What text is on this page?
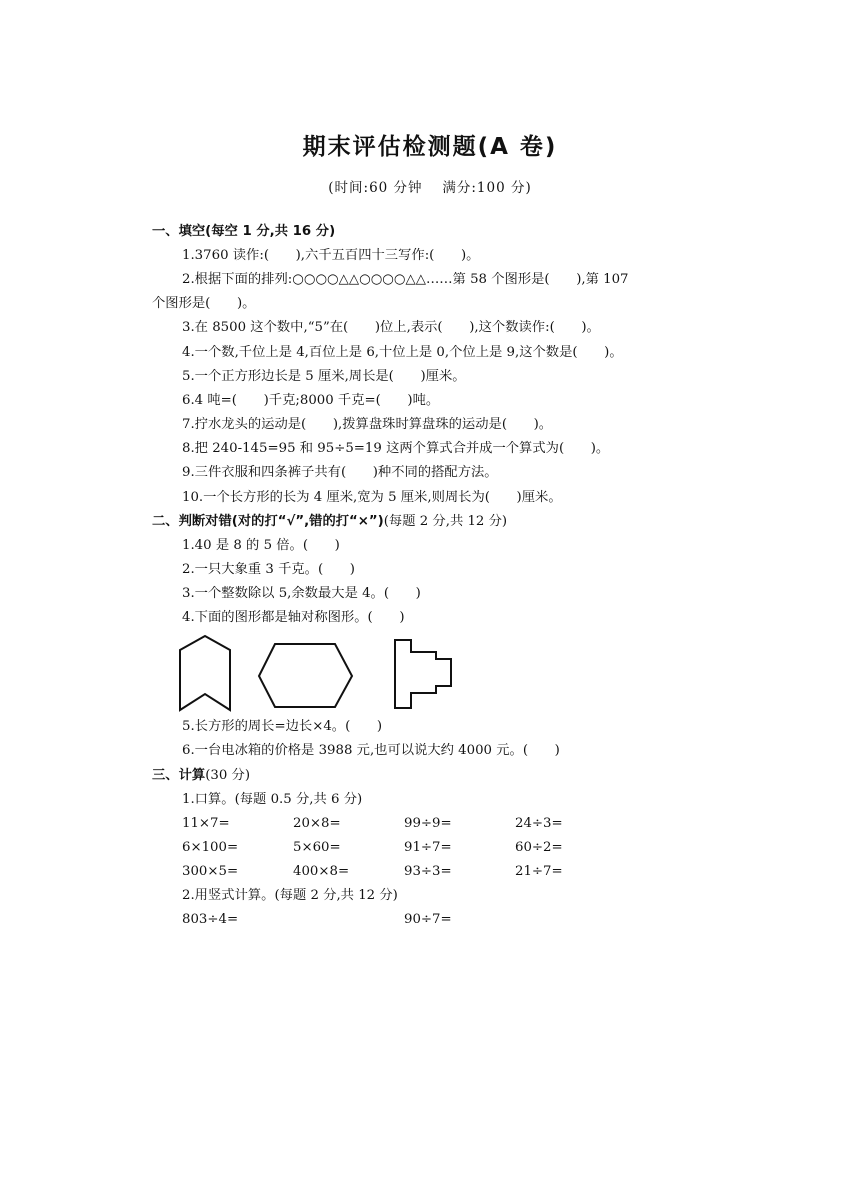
期末评估检测题(A 卷)
(时间:60 分钟　 满分:100 分)
一、填空(每空 1 分,共 16 分)
1.3760 读作:(　　),六千五百四十三写作:(　　)。
2.根据下面的排列:○○○○△△○○○○△△……第 58 个图形是(　　),第 107
个图形是(　　)。
3.在 8500 这个数中,“5”在(　　)位上,表示(　　),这个数读作:(　　)。
4.一个数,千位上是 4,百位上是 6,十位上是 0,个位上是 9,这个数是(　　)。
5.一个正方形边长是 5 厘米,周长是(　　)厘米。
6.4 吨=(　　)千克;8000 千克=(　　)吨。
7.拧水龙头的运动是(　　),拨算盘珠时算盘珠的运动是(　　)。
8.把 240-145=95 和 95÷5=19 这两个算式合并成一个算式为(　　)。
9.三件衣服和四条裤子共有(　　)种不同的搭配方法。
10.一个长方形的长为 4 厘米,宽为 5 厘米,则周长为(　　)厘米。
二、判断对错(对的打“√”,错的打“×”)(每题 2 分,共 12 分)
1.40 是 8 的 5 倍。(　　)
2.一只大象重 3 千克。(　　)
3.一个整数除以 5,余数最大是 4。(　　)
4.下面的图形都是轴对称图形。(　　)
5.长方形的周长=边长×4。(　　)
6.一台电冰箱的价格是 3988 元,也可以说大约 4000 元。(　　)
三、计算(30 分)
1.口算。(每题 0.5 分,共 6 分)
11×7=	20×8=	99÷9=	24÷3=
6×100=	5×60=	91÷7=	60÷2=
300×5=	400×8=	93÷3=	21÷7=
2.用竖式计算。(每题 2 分,共 12 分)
803÷4=	90÷7=
